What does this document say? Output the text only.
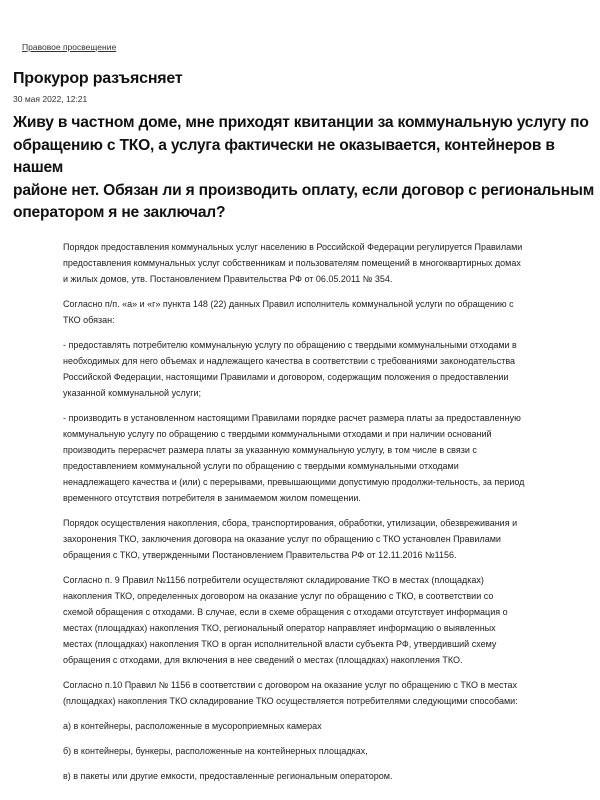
Правовое просвещение
Прокурор разъясняет
30 мая 2022, 12:21
Живу в частном доме, мне приходят квитанции за коммунальную услугу по
обращению с ТКО, а услуга фактически не оказывается, контейнеров в нашем
районе нет. Обязан ли я производить оплату, если договор с региональным
оператором я не заключал?
Порядок предоставления коммунальных услуг населению в Российской Федерации регулируется Правилами
предоставления коммунальных услуг собственникам и пользователям помещений в многоквартирных домах
и жилых домов, утв. Постановлением Правительства РФ от 06.05.2011 № 354.
Согласно п/п. «а» и «г» пункта 148 (22) данных Правил исполнитель коммунальной услуги по обращению с
ТКО обязан:
- предоставлять потребителю коммунальную услугу по обращению с твердыми коммунальными отходами в
необходимых для него объемах и надлежащего качества в соответствии с требованиями законодательства
Российской Федерации, настоящими Правилами и договором, содержащим положения о предоставлении
указанной коммунальной услуги;
- производить в установленном настоящими Правилами порядке расчет размера платы за предоставленную
коммунальную услугу по обращению с твердыми коммунальными отходами и при наличии оснований
производить перерасчет размера платы за указанную коммунальную услугу, в том числе в связи с
предоставлением коммунальной услуги по обращению с твердыми коммунальными отходами
ненадлежащего качества и (или) с перерывами, превышающими допустимую продолжи-тельность, за период
временного отсутствия потребителя в занимаемом жилом помещении.
Порядок осуществления накопления, сбора, транспортирования, обработки, утилизации, обезвреживания и
захоронения ТКО, заключения договора на оказание услуг по обращению с ТКО установлен Правилами
обращения с ТКО, утвержденными Постановлением Правительства РФ от 12.11.2016 №1156.
Согласно п. 9 Правил №1156 потребители осуществляют складирование ТКО в местах (площадках)
накопления ТКО, определенных договором на оказание услуг по обращению с ТКО, в соответствии со
схемой обращения с отходами. В случае, если в схеме обращения с отходами отсутствует информация о
местах (площадках) накопления ТКО, региональный оператор направляет информацию о выявленных
местах (площадках) накопления ТКО в орган исполнительной власти субъекта РФ, утвердивший схему
обращения с отходами, для включения в нее сведений о местах (площадках) накопления ТКО.
Согласно п.10 Правил № 1156 в соответствии с договором на оказание услуг по обращению с ТКО в местах
(площадках) накопления ТКО складирование ТКО осуществляется потребителями следующими способами:
а) в контейнеры, расположенные в мусороприемных камерах
б) в контейнеры, бункеры, расположенные на контейнерных площадках,
в) в пакеты или другие емкости, предоставленные региональным оператором.
